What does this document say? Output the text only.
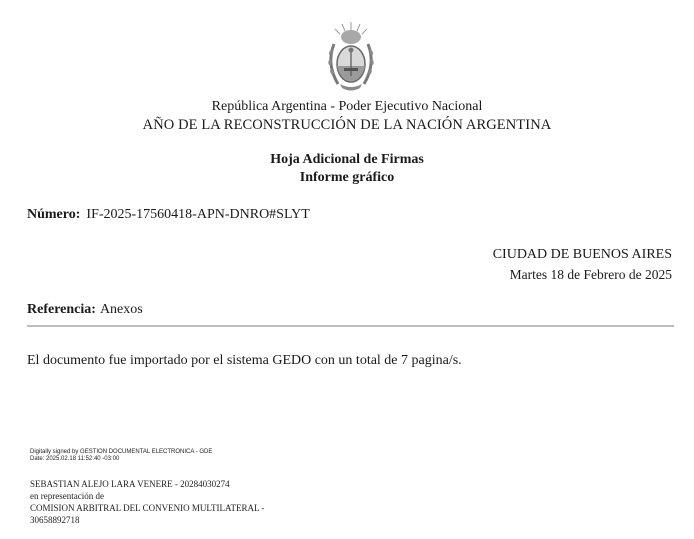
República Argentina - Poder Ejecutivo Nacional
AÑO DE LA RECONSTRUCCIÓN DE LA NACIÓN ARGENTINA
Hoja Adicional de Firmas
Informe gráfico
Número: IF-2025-17560418-APN-DNRO#SLYT
CIUDAD DE BUENOS AIRES
Martes 18 de Febrero de 2025
Referencia: Anexos
El documento fue importado por el sistema GEDO con un total de 7 pagina/s.
Digitally signed by GESTION DOCUMENTAL ELECTRONICA - GDE
Date: 2025.02.18 11:52:40 -03:00
SEBASTIAN ALEJO LARA VENERE - 20284030274
en representación de
COMISION ARBITRAL DEL CONVENIO MULTILATERAL -
30658892718
